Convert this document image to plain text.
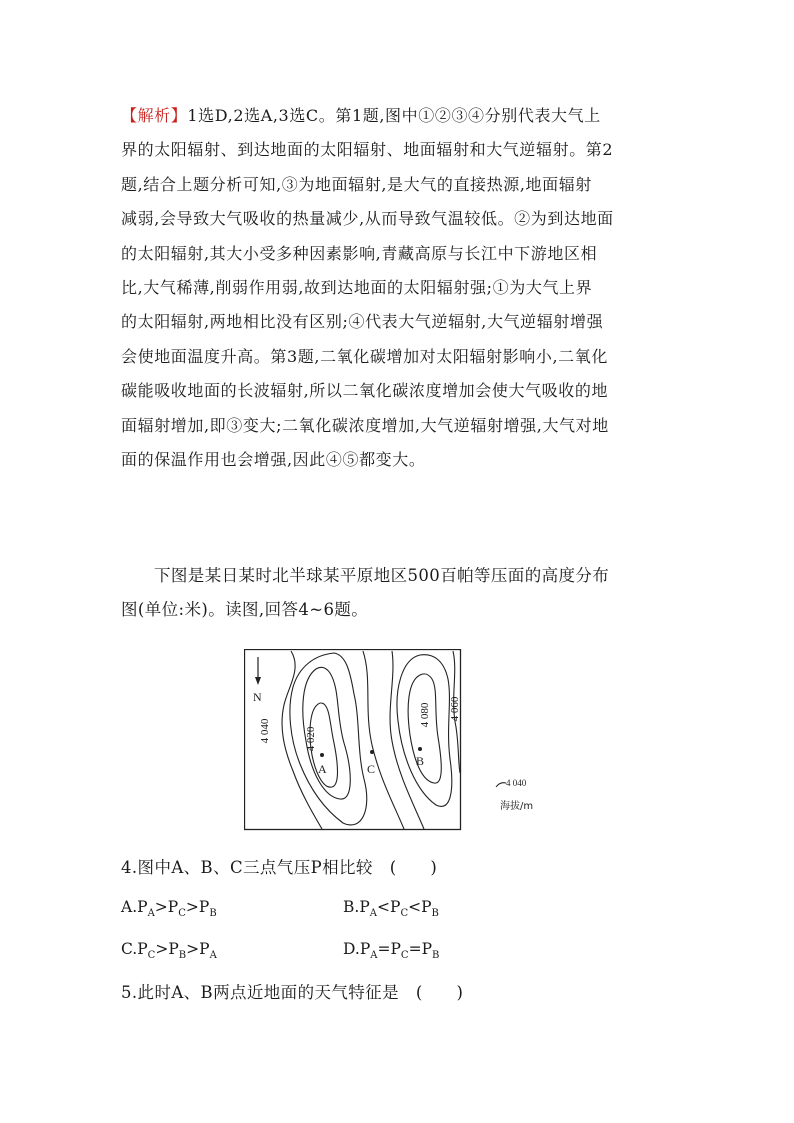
【解析】1选D,2选A,3选C。第1题,图中①②③④分别代表大气上
界的太阳辐射、到达地面的太阳辐射、地面辐射和大气逆辐射。第2
题,结合上题分析可知,③为地面辐射,是大气的直接热源,地面辐射
减弱,会导致大气吸收的热量减少,从而导致气温较低。②为到达地面
的太阳辐射,其大小受多种因素影响,青藏高原与长江中下游地区相
比,大气稀薄,削弱作用弱,故到达地面的太阳辐射强;①为大气上界
的太阳辐射,两地相比没有区别;④代表大气逆辐射,大气逆辐射增强
会使地面温度升高。第3题,二氧化碳增加对太阳辐射影响小,二氧化
碳能吸收地面的长波辐射,所以二氧化碳浓度增加会使大气吸收的地
面辐射增加,即③变大;二氧化碳浓度增加,大气逆辐射增强,大气对地
面的保温作用也会增强,因此④⑤都变大。
下图是某日某时北半球某平原地区500百帕等压面的高度分布
图(单位:米)。读图,回答4~6题。
N
A	C
B
4 040	4 020
4 080 4 060
4 040
海拔/m
4.图中A、B、C三点气压P相比较　(　　)
$A.P_A>P_C>P_B$	$B.P_A<P_C<P_B$
$C.P_C>P_B>P_A$	$D.P_A=P_C=P_B$
5.此时A、B两点近地面的天气特征是　(　　)
